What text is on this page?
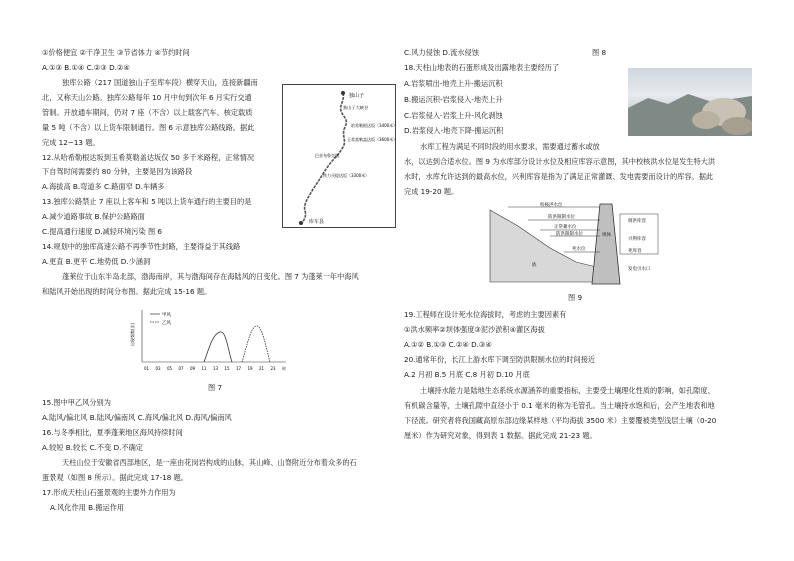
①价格便宜 ②干净卫生 ③节省体力 ④节约时间
A.①③ B.①④ C.②③ D.②④
独库公路（217 国道独山子至库车段）横穿天山，连接新疆南
北，又称天山公路。独库公路每年 10 月中旬到次年 6 月实行交通
管制。开放通车期间，仍对 7 座（不含）以上载客汽车、核定载质
量 5 吨（不含）以上货车限制通行。图 6 示意独库公路线路。据此
完成 12~13 题。
12.从哈希勒根达坂到玉希莫勒盖达坂仅 50 多千米路程，正常情况
下自驾时间需要约 80 分钟，主要是因为该路段
A.海拔高 B.弯道多 C.路面窄 D.车辆多
13.独库公路禁止 7 座以上客车和 5 吨以上货车通行的主要目的是
A.减少道路事故 B.保护公路路面
C.提高通行速度 D.减轻环境污染 图 6
14.规划中的独库高速公路不再季节性封路，主要得益于其线路
A.更直 B.更平 C.地势低 D.少涵洞
蓬莱位于山东半岛北部，渤海南岸，其与渤海间存在海陆风的日变化。图 7 为蓬莱一年中海风
和陆风开始出现的时间分布图。据此完成 15-16 题。
15.图中甲乙风分别为
A.陆风/偏北风 B.陆风/偏南风 C.海风/偏北风 D.海风/偏南风
16.与冬季相比，夏季蓬莱地区海风持续时间
A.较短 B.较长 C.不变 D.不确定
天柱山位于安徽省西部地区，是一座由花岗岩构成的山脉，其山峰、山脊附近分布着众多的石
蛋景观（如图 8 所示）。据此完成 17-18 题。
17.形成天柱山石蛋景观的主要外力作用为
A.风化作用 B.搬运作用
独山子
独山子大峡谷
哈希勒根达坂（3400米）
玉希莫勒盖达坂（3600米）
巴音布鲁克镇
铁力买提达坂（3300米）
库车县
出现频数(次)
甲风
乙风
01 03 05 07 09 11 13 15 17 19 21 23 时
图 7
C.风力侵蚀 D.流水侵蚀	图 8
18.天柱山地表的石蛋形成及出露地表主要经历了
A.岩浆喷出-地壳上升-搬运沉积
B.搬运沉积-岩浆侵入-地壳上升
C.岩浆侵入-岩浆上升-风化剥蚀
D.岩浆侵入-地壳下降-搬运沉积
水库工程为满足不同时段的用水要求，需要通过蓄水或放
水，以达到合适水位。图 9 为水库部分设计水位及相应库容示意图，其中校核洪水位是发生特大洪
水时，水库允许达到的最高水位，兴利库容是指为了满足正常灌溉、发电需要而设计的库容。据此
完成 19-20 题。
图 9
19.工程师在设计死水位海拔时，考虑的主要因素有
①洪水频率②坝体强度③泥沙淤积④灌区海拔
A.①② B.①③ C.②④ D.③④
20.通常年份，长江上游水库下调至防洪限制水位的时间接近
A.2 月初 B.5 月底 C.8 月初 D.10 月底
土壤持水能力是陆地生态系统水源涵养的重要指标，主要受土壤理化性质的影响，如孔隙度、
有机碳含量等，土壤孔隙中直径小于 0.1 毫米的称为毛管孔。当土壤持水饱和后，会产生地表和地
下径流。研究者将我国藏高原东部边缘某样地（平均海拔 3500 米）主要覆被类型浅层土壤（0-20
厘米）作为研究对象，得到表 1 数据。据此完成 21-23 题。
校核洪水位
防洪限制水位
正常蓄水位
防洪限制水位
死水位
坝体
调洪库容
兴利库容
死库容
发电引水口
底
